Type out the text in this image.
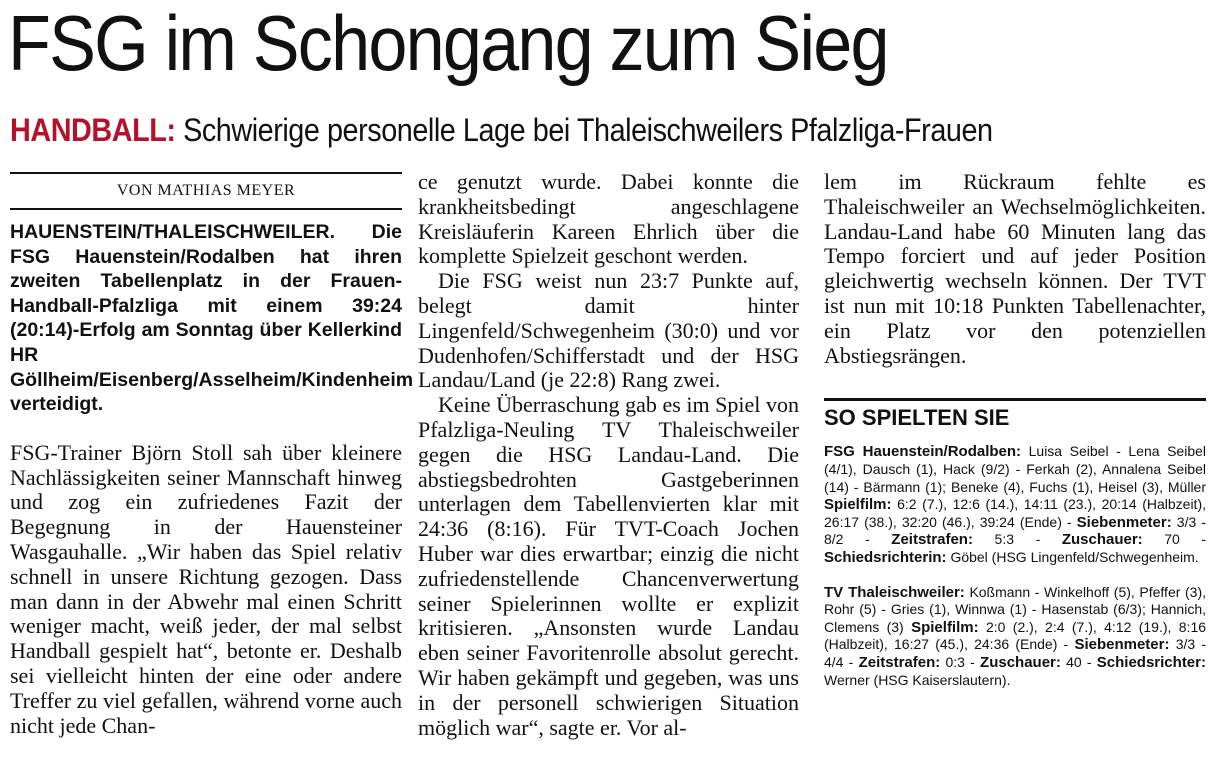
FSG im Schongang zum Sieg
HANDBALL: Schwierige personelle Lage bei Thaleischweilers Pfalzliga-Frauen
VON MATHIAS MEYER

HAUENSTEIN/THALEISCHWEILER. Die FSG Hauenstein/Rodalben hat ihren zweiten Tabellenplatz in der Frauen-Handball-Pfalzliga mit einem 39:24 (20:14)-Erfolg am Sonntag über Kellerkind HR Göllheim/Eisenberg/Asselheim/Kindenheim verteidigt.

FSG-Trainer Björn Stoll sah über kleinere Nachlässigkeiten seiner Mannschaft hinweg und zog ein zufriedenes Fazit der Begegnung in der Hauensteiner Wasgauhalle. „Wir haben das Spiel relativ schnell in unsere Richtung gezogen. Dass man dann in der Abwehr mal einen Schritt weniger macht, weiß jeder, der mal selbst Handball gespielt hat“, betonte er. Deshalb sei vielleicht hinten der eine oder andere Treffer zu viel gefallen, während vorne auch nicht jede Chan-

ce genutzt wurde. Dabei konnte die krankheitsbedingt angeschlagene Kreisläuferin Kareen Ehrlich über die komplette Spielzeit geschont werden.

Die FSG weist nun 23:7 Punkte auf, belegt damit hinter Lingenfeld/Schwegenheim (30:0) und vor Dudenhofen/Schifferstadt und der HSG Landau/Land (je 22:8) Rang zwei.

Keine Überraschung gab es im Spiel von Pfalzliga-Neuling TV Thaleischweiler gegen die HSG Landau-Land. Die abstiegsbedrohten Gastgeberinnen unterlagen dem Tabellenvierten klar mit 24:36 (8:16). Für TVT-Coach Jochen Huber war dies erwartbar; einzig die nicht zufriedenstellende Chancenverwertung seiner Spielerinnen wollte er explizit kritisieren. „Ansonsten wurde Landau eben seiner Favoritenrolle absolut gerecht. Wir haben gekämpft und gegeben, was uns in der personell schwierigen Situation möglich war“, sagte er. Vor al-

lem im Rückraum fehlte es Thaleischweiler an Wechselmöglichkeiten. Landau-Land habe 60 Minuten lang das Tempo forciert und auf jeder Position gleichwertig wechseln können. Der TVT ist nun mit 10:18 Punkten Tabellenachter, ein Platz vor den potenziellen Abstiegsrängen.

SO SPIELTEN SIE

FSG Hauenstein/Rodalben: Luisa Seibel - Lena Seibel (4/1), Dausch (1), Hack (9/2) - Ferkah (2), Annalena Seibel (14) - Bärmann (1); Beneke (4), Fuchs (1), Heisel (3), Müller Spielfilm: 6:2 (7.), 12:6 (14.), 14:11 (23.), 20:14 (Halbzeit), 26:17 (38.), 32:20 (46.), 39:24 (Ende) - Siebenmeter: 3/3 - 8/2 - Zeitstrafen: 5:3 - Zuschauer: 70 - Schiedsrichterin: Göbel (HSG Lingenfeld/Schwegenheim.

TV Thaleischweiler: Koßmann - Winkelhoff (5), Pfeffer (3), Rohr (5) - Gries (1), Winnwa (1) - Hasenstab (6/3); Hannich, Clemens (3) Spielfilm: 2:0 (2.), 2:4 (7.), 4:12 (19.), 8:16 (Halbzeit), 16:27 (45.), 24:36 (Ende) - Siebenmeter: 3/3 - 4/4 - Zeitstrafen: 0:3 - Zuschauer: 40 - Schiedsrichter: Werner (HSG Kaiserslautern).
